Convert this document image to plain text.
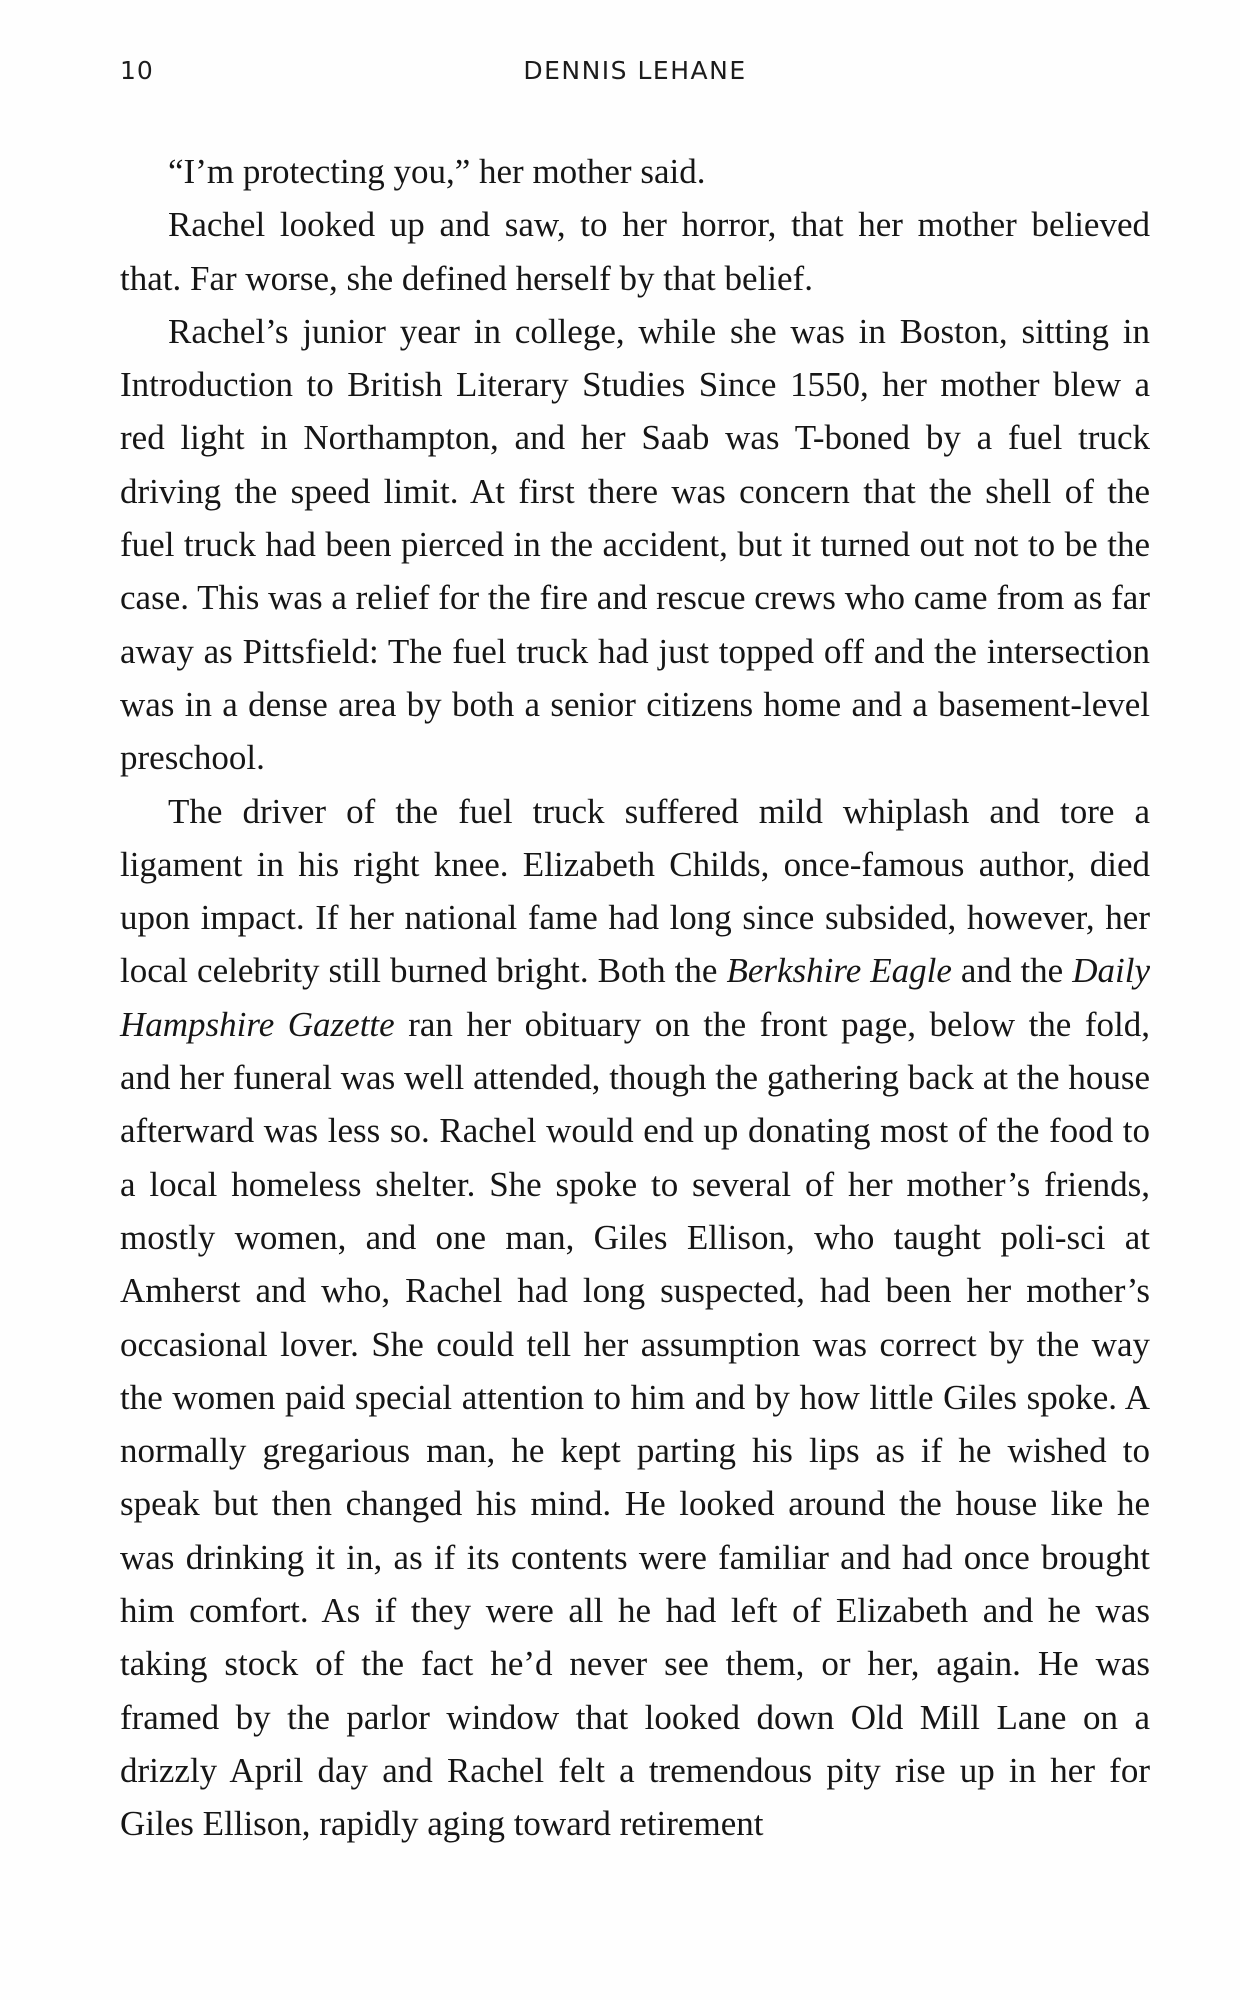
10	DENNIS LEHANE

“I’m protecting you,” her mother said.

Rachel looked up and saw, to her horror, that her mother believed that. Far worse, she defined herself by that belief.

Rachel’s junior year in college, while she was in Boston, sitting in Introduction to British Literary Studies Since 1550, her mother blew a red light in Northampton, and her Saab was T-boned by a fuel truck driving the speed limit. At first there was concern that the shell of the fuel truck had been pierced in the accident, but it turned out not to be the case. This was a relief for the fire and rescue crews who came from as far away as Pittsfield: The fuel truck had just topped off and the intersection was in a dense area by both a senior citizens home and a basement-level preschool.

The driver of the fuel truck suffered mild whiplash and tore a ligament in his right knee. Elizabeth Childs, once-famous author, died upon impact. If her national fame had long since subsided, however, her local celebrity still burned bright. Both the Berkshire Eagle and the Daily Hampshire Gazette ran her obituary on the front page, below the fold, and her funeral was well attended, though the gathering back at the house afterward was less so. Rachel would end up donating most of the food to a local homeless shelter. She spoke to several of her mother’s friends, mostly women, and one man, Giles Ellison, who taught poli-sci at Amherst and who, Rachel had long suspected, had been her mother’s occasional lover. She could tell her assumption was correct by the way the women paid special attention to him and by how little Giles spoke. A normally gregarious man, he kept parting his lips as if he wished to speak but then changed his mind. He looked around the house like he was drinking it in, as if its contents were familiar and had once brought him comfort. As if they were all he had left of Elizabeth and he was taking stock of the fact he’d never see them, or her, again. He was framed by the parlor window that looked down Old Mill Lane on a drizzly April day and Rachel felt a tremendous pity rise up in her for Giles Ellison, rapidly aging toward retirement
